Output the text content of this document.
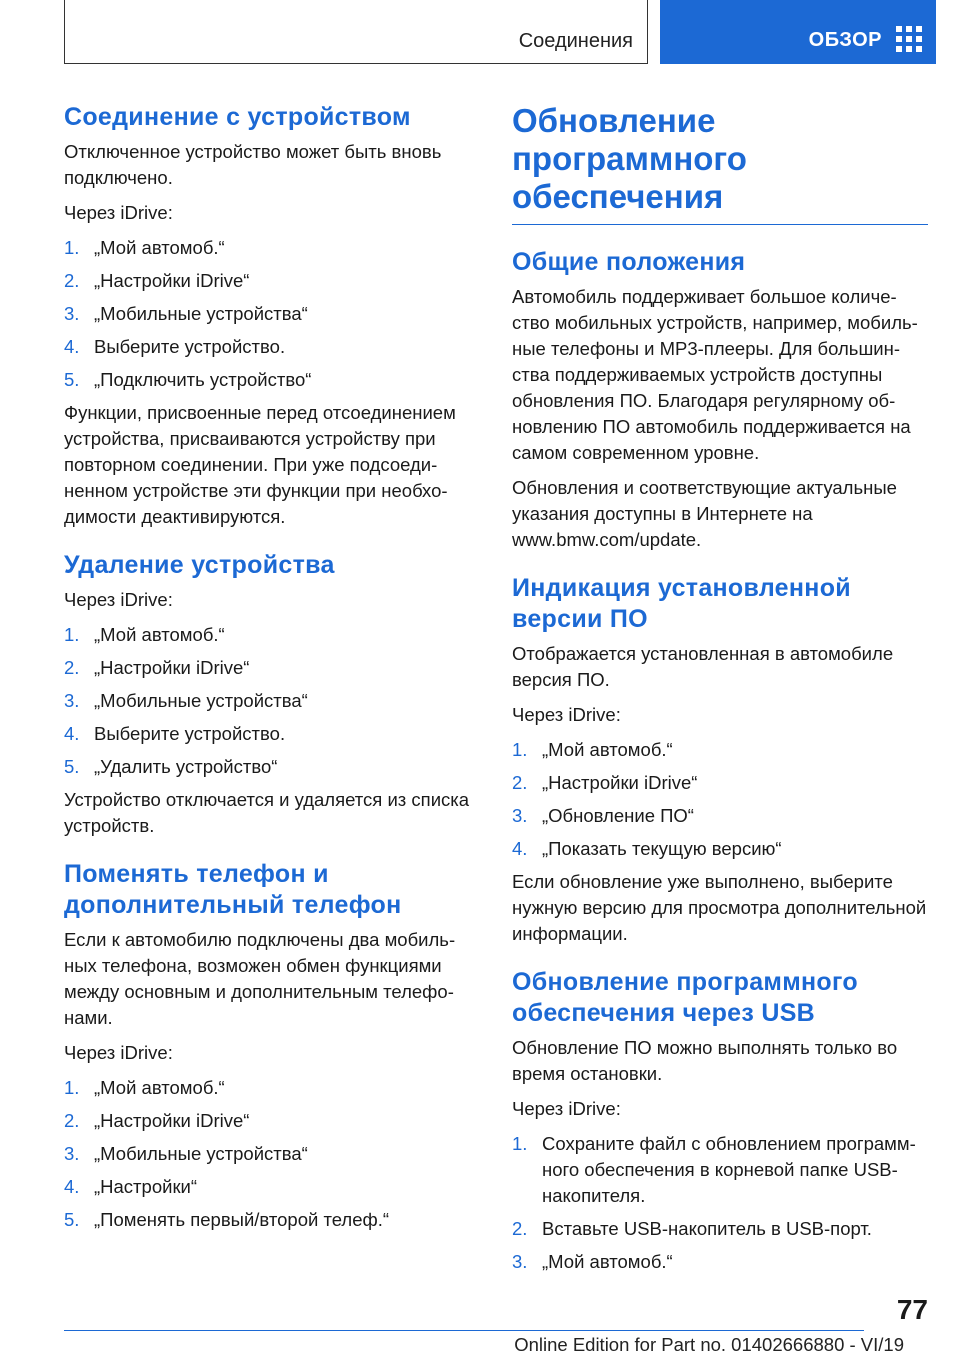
Соединения	ОБЗОР
Соединение с устройством

Отключенное устройство может быть вновь подключено.

Через iDrive:

1. „Мой автомоб.“
2. „Настройки iDrive“
3. „Мобильные устройства“
4. Выберите устройство.
5. „Подключить устройство“

Функции, присвоенные перед отсоединением устройства, присваиваются устройству при повторном соединении. При уже подсоединенном устройстве эти функции при необходимости деактивируются.

Удаление устройства

Через iDrive:

1. „Мой автомоб.“
2. „Настройки iDrive“
3. „Мобильные устройства“
4. Выберите устройство.
5. „Удалить устройство“

Устройство отключается и удаляется из списка устройств.

Поменять телефон и дополнительный телефон

Если к автомобилю подключены два мобильных телефона, возможен обмен функциями между основным и дополнительным телефонами.

Через iDrive:

1. „Мой автомоб.“
2. „Настройки iDrive“
3. „Мобильные устройства“
4. „Настройки“
5. „Поменять первый/второй телеф.“
Обновление программного обеспечения
Общие положения

Автомобиль поддерживает большое количество мобильных устройств, например, мобильные телефоны и MP3-плееры. Для большинства поддерживаемых устройств доступны обновления ПО. Благодаря регулярному обновлению ПО автомобиль поддерживается на самом современном уровне.

Обновления и соответствующие актуальные указания доступны в Интернете на www.bmw.com/update.

Индикация установленной версии ПО

Отображается установленная в автомобиле версия ПО.

Через iDrive:

1. „Мой автомоб.“
2. „Настройки iDrive“
3. „Обновление ПО“
4. „Показать текущую версию“

Если обновление уже выполнено, выберите нужную версию для просмотра дополнительной информации.

Обновление программного обеспечения через USB

Обновление ПО можно выполнять только во время остановки.

Через iDrive:

1. Сохраните файл с обновлением программного обеспечения в корневой папке USB-накопителя.
2. Вставьте USB-накопитель в USB-порт.
3. „Мой автомоб.“
77
Online Edition for Part no. 01402666880 - VI/19
